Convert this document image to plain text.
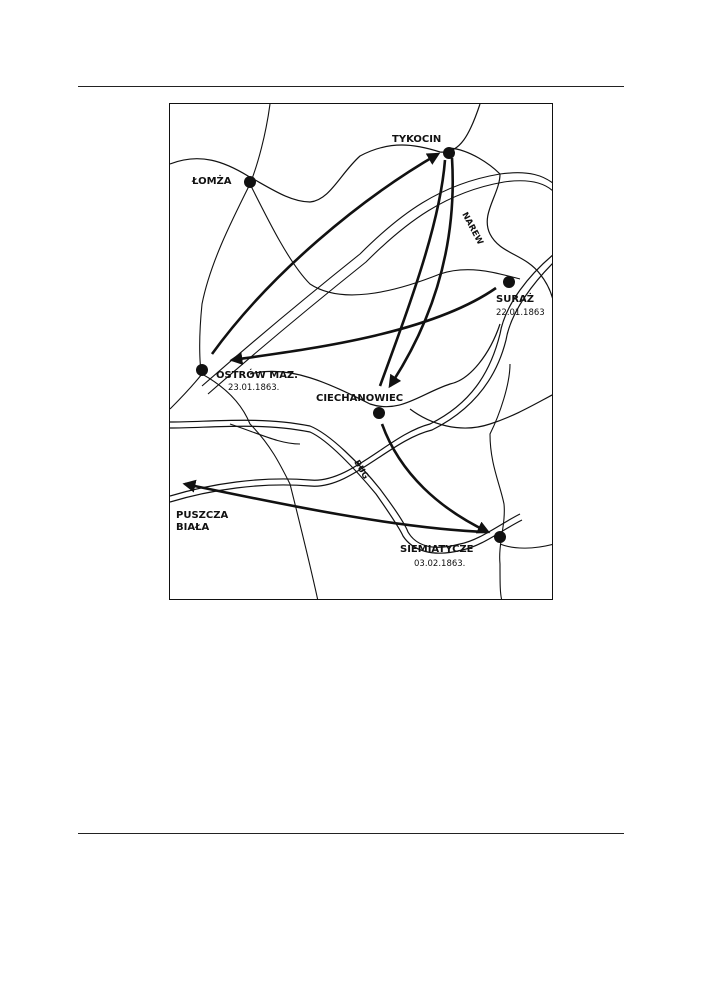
TYKOCIN
ŁOMŻA
SURAŻ
22.01.1863
OSTRÓW MAZ.
23.01.1863.
CIECHANOWIEC
SIEMIATYCZE
03.02.1863.
PUSZCZA
BIAŁA
NAREW
BUG
